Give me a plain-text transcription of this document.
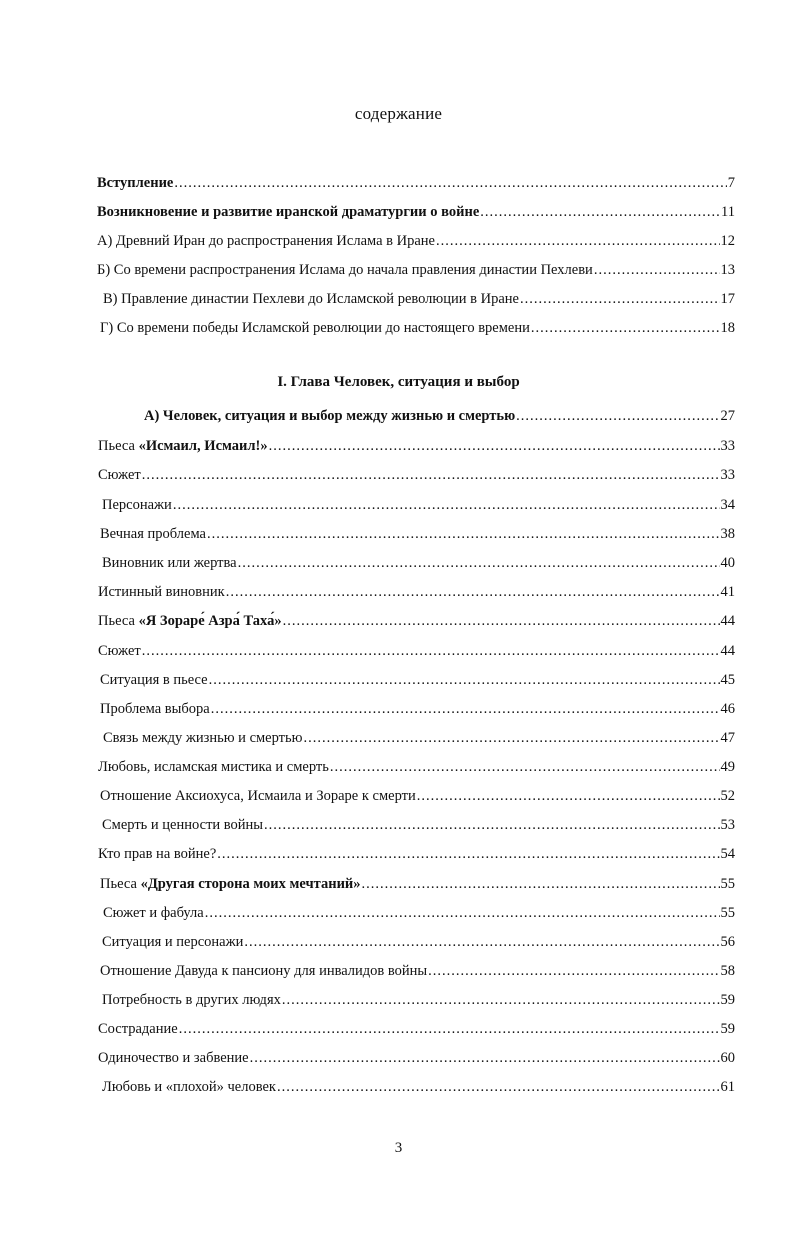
содержание
Вступление .....	7
Возникновение и развитие иранской драматургии о войне .....	11
А) Древний Иран до распространения Ислама в Иране .....	12
Б) Со времени распространения Ислама до начала правления династии Пехлеви .....	13
В) Правление династии Пехлеви до Исламской революции в Иране .....	17
Г) Со времени победы Исламской революции до настоящего времени .....	18
I. Глава Человек, ситуация и выбор
А) Человек, ситуация и выбор между жизнью и смертью .....	27
Пьеса «Исмаил, Исмаил!» .....	33
Сюжет .....	33
Персонажи .....	34
Вечная проблема .....	38
Виновник или жертва .....	40
Истинный виновник .....	41
Пьеса «Я Зораре́ Азра́ Таха́» .....	44
Сюжет .....	44
Ситуация в пьесе .....	45
Проблема выбора .....	46
Связь между жизнью и смертью .....	47
Любовь, исламская мистика и смерть .....	49
Отношение Аксиохуса, Исмаила и Зораре к смерти .....	52
Смерть и ценности войны .....	53
Кто прав на войне? .....	54
Пьеса «Другая сторона моих мечтаний» .....	55
Сюжет и фабула .....	55
Ситуация и персонажи .....	56
Отношение Давуда к пансиону для инвалидов войны .....	58
Потребность в других людях .....	59
Сострадание .....	59
Одиночество и забвение .....	60
Любовь и «плохой» человек .....	61
3
